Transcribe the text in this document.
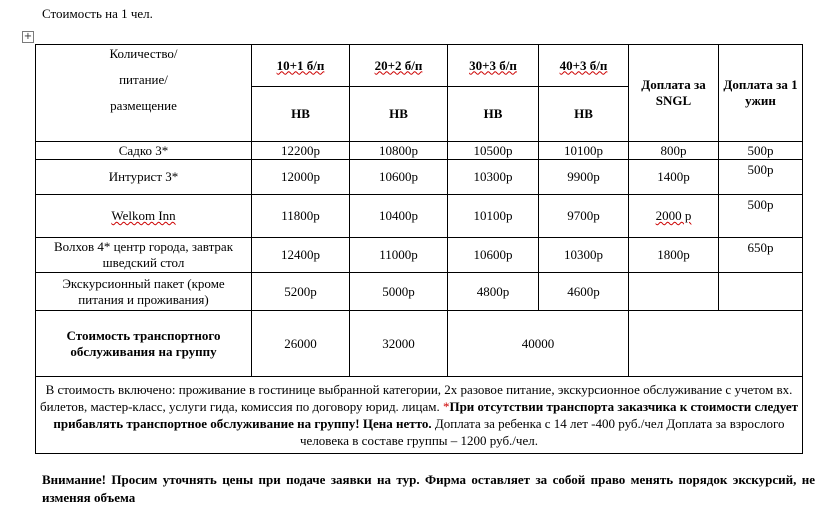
Стоимость на 1 чел.
+
Количество/
питание/
размещение	10+1 б/п	20+2 б/п	30+3 б/п	40+3 б/п	Доплата за SNGL	Доплата за 1 ужин
	НВ	НВ	НВ	НВ		
Садко 3*	12200р	10800р	10500р	10100р	800р	500р
Интурист 3*	12000р	10600р	10300р	9900р	1400р	500р
Welkom Inn	11800р	10400р	10100р	9700р	2000 р	500р
Волхов 4* центр города, завтрак шведский стол	12400р	11000р	10600р	10300р	1800р	650р
Экскурсионный пакет (кроме питания и проживания)	5200р	5000р	4800р	4600р		
Стоимость транспортного обслуживания на группу	26000	32000	40000			
В стоимость включено: проживание в гостинице выбранной категории, 2х разовое питание, экскурсионное обслуживание с учетом вх. билетов, мастер-класс, услуги гида, комиссия по договору юрид. лицам. *При отсутствии транспорта заказчика к стоимости следует прибавлять транспортное обслуживание на группу! Цена нетто. Доплата за ребенка с 14 лет -400 руб./чел Доплата за взрослого человека в составе группы – 1200 руб./чел.						
Внимание! Просим уточнять цены при подаче заявки на тур. Фирма оставляет за собой право менять порядок экскурсий, не изменяя объема
